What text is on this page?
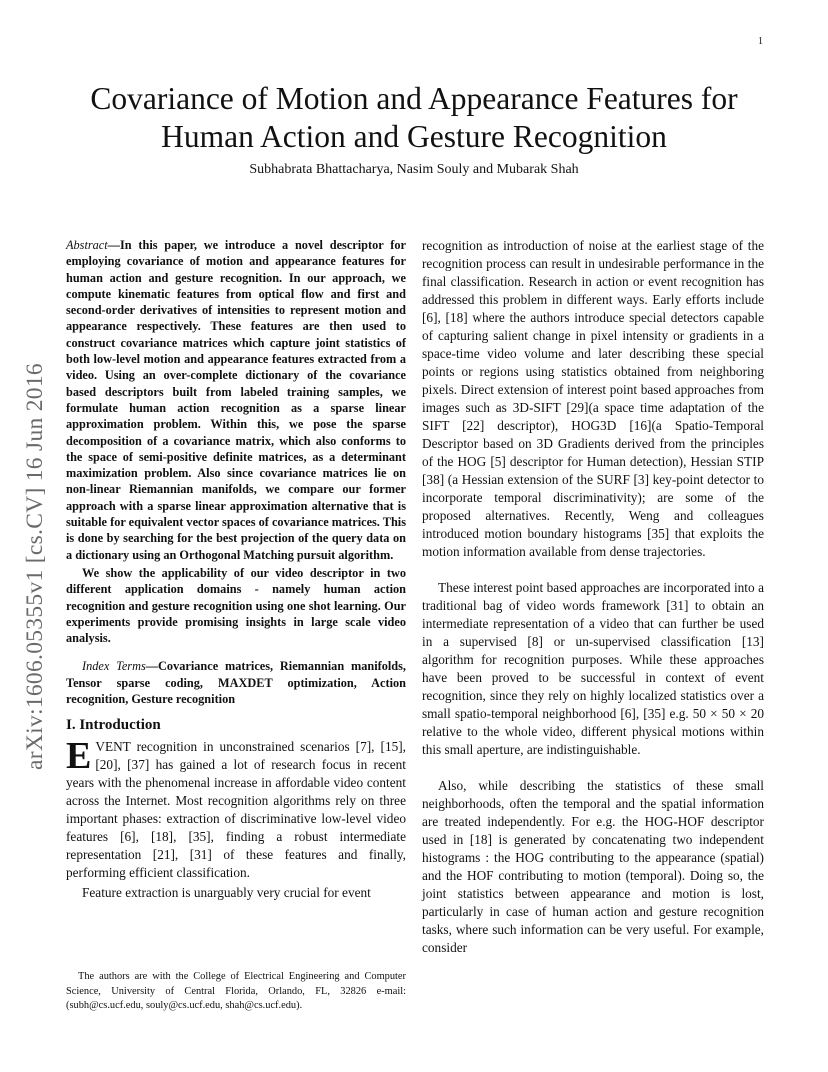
1
arXiv:1606.05355v1 [cs.CV] 16 Jun 2016
Covariance of Motion and Appearance Features for Human Action and Gesture Recognition
Subhabrata Bhattacharya, Nasim Souly and Mubarak Shah

Abstract—In this paper, we introduce a novel descriptor for employing covariance of motion and appearance features for human action and gesture recognition. In our approach, we compute kinematic features from optical flow and first and second-order derivatives of intensities to represent motion and appearance respectively. These features are then used to construct covariance matrices which capture joint statistics of both low-level motion and appearance features extracted from a video. Using an over-complete dictionary of the covariance based descriptors built from labeled training samples, we formulate human action recognition as a sparse linear approximation problem. Within this, we pose the sparse decomposition of a covariance matrix, which also conforms to the space of semi-positive definite matrices, as a determinant maximization problem. Also since covariance matrices lie on non-linear Riemannian manifolds, we compare our former approach with a sparse linear approximation alternative that is suitable for equivalent vector spaces of covariance matrices. This is done by searching for the best projection of the query data on a dictionary using an Orthogonal Matching pursuit algorithm.

We show the applicability of our video descriptor in two different application domains - namely human action recognition and gesture recognition using one shot learning. Our experiments provide promising insights in large scale video analysis.

Index Terms—Covariance matrices, Riemannian manifolds, Tensor sparse coding, MAXDET optimization, Action recognition, Gesture recognition

I. Introduction

EVENT recognition in unconstrained scenarios [7], [15], [20], [37] has gained a lot of research focus in recent years with the phenomenal increase in affordable video content across the Internet. Most recognition algorithms rely on three important phases: extraction of discriminative low-level video features [6], [18], [35], finding a robust intermediate representation [21], [31] of these features and finally, performing efficient classification.

Feature extraction is unarguably very crucial for event

The authors are with the College of Electrical Engineering and Computer Science, University of Central Florida, Orlando, FL, 32826 e-mail: (subh@cs.ucf.edu, souly@cs.ucf.edu, shah@cs.ucf.edu).

recognition as introduction of noise at the earliest stage of the recognition process can result in undesirable performance in the final classification. Research in action or event recognition has addressed this problem in different ways. Early efforts include [6], [18] where the authors introduce special detectors capable of capturing salient change in pixel intensity or gradients in a space-time video volume and later describing these special points or regions using statistics obtained from neighboring pixels. Direct extension of interest point based approaches from images such as 3D-SIFT [29](a space time adaptation of the SIFT [22] descriptor), HOG3D [16](a Spatio-Temporal Descriptor based on 3D Gradients derived from the principles of the HOG [5] descriptor for Human detection), Hessian STIP [38] (a Hessian extension of the SURF [3] key-point detector to incorporate temporal discriminativity); are some of the proposed alternatives. Recently, Weng and colleagues introduced motion boundary histograms [35] that exploits the motion information available from dense trajectories.

These interest point based approaches are incorporated into a traditional bag of video words framework [31] to obtain an intermediate representation of a video that can further be used in a supervised [8] or un-supervised classification [13] algorithm for recognition purposes. While these approaches have been proved to be successful in context of event recognition, since they rely on highly localized statistics over a small spatio-temporal neighborhood [6], [35] e.g. 50 × 50 × 20 relative to the whole video, different physical motions within this small aperture, are indistinguishable.

Also, while describing the statistics of these small neighborhoods, often the temporal and the spatial information are treated independently. For e.g. the HOG-HOF descriptor used in [18] is generated by concatenating two independent histograms : the HOG contributing to the appearance (spatial) and the HOF contributing to motion (temporal). Doing so, the joint statistics between appearance and motion is lost, particularly in case of human action and gesture recognition tasks, where such information can be very useful. For example, consider
